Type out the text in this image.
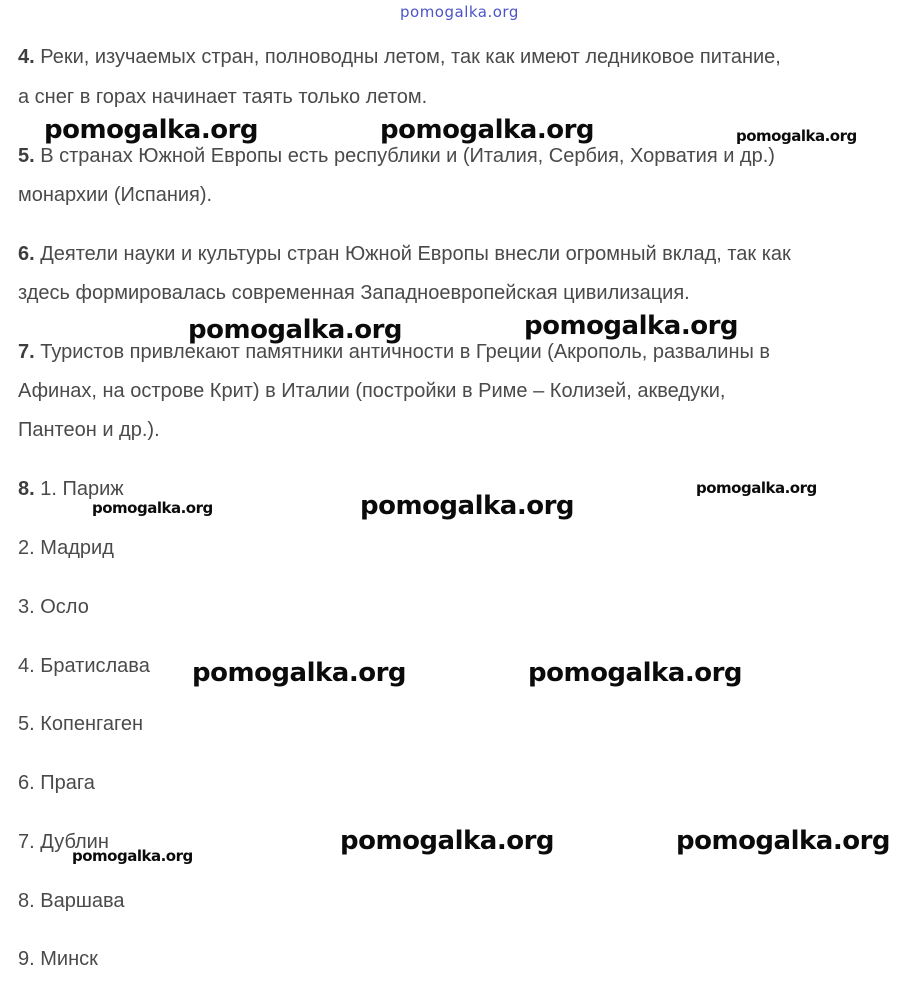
pomogalka.org
4. Реки, изучаемых стран, полноводны летом, так как имеют ледниковое питание,
а снег в горах начинает таять только летом.
5. В странах Южной Европы есть республики и (Италия, Сербия, Хорватия и др.)
монархии (Испания).
6. Деятели науки и культуры стран Южной Европы внесли огромный вклад, так как
здесь формировалась современная Западноевропейская цивилизация.
7. Туристов привлекают памятники античности в Греции (Акрополь, развалины в
Афинах, на острове Крит) в Италии (постройки в Риме – Колизей, акведуки,
Пантеон и др.).
8. 1. Париж
2. Мадрид
3. Осло
4. Братислава
5. Копенгаген
6. Прага
7. Дублин
8. Варшава
9. Минск
pomogalka.org	pomogalka.org	pomogalka.org
pomogalka.org	pomogalka.org
pomogalka.org
pomogalka.org	pomogalka.org
pomogalka.org	pomogalka.org
pomogalka.org	pomogalka.org
pomogalka.org
